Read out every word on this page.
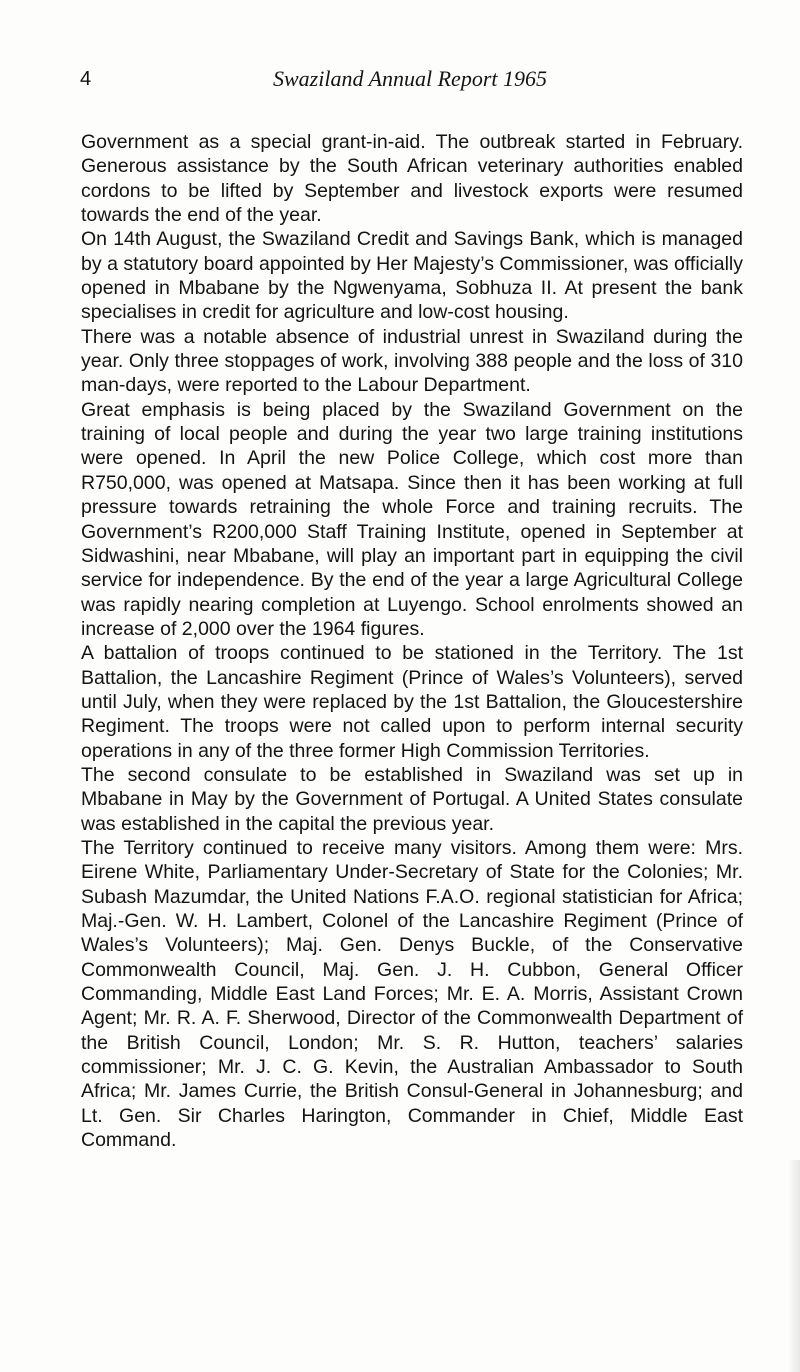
4	Swaziland Annual Report 1965

Government as a special grant-in-aid. The outbreak started in February. Generous assistance by the South African veterinary authorities enabled cordons to be lifted by September and livestock exports were resumed towards the end of the year.

On 14th August, the Swaziland Credit and Savings Bank, which is managed by a statutory board appointed by Her Majesty’s Commissioner, was officially opened in Mbabane by the Ngwenyama, Sobhuza II. At present the bank specialises in credit for agriculture and low-cost housing.

There was a notable absence of industrial unrest in Swaziland during the year. Only three stoppages of work, involving 388 people and the loss of 310 man-days, were reported to the Labour Department.

Great emphasis is being placed by the Swaziland Government on the training of local people and during the year two large training institutions were opened. In April the new Police College, which cost more than R750,000, was opened at Matsapa. Since then it has been working at full pressure towards retraining the whole Force and training recruits. The Government’s R200,000 Staff Training Institute, opened in September at Sidwashini, near Mbabane, will play an important part in equipping the civil service for independence. By the end of the year a large Agricultural College was rapidly nearing completion at Luyengo. School enrolments showed an increase of 2,000 over the 1964 figures.

A battalion of troops continued to be stationed in the Territory. The 1st Battalion, the Lancashire Regiment (Prince of Wales’s Volunteers), served until July, when they were replaced by the 1st Battalion, the Gloucestershire Regiment. The troops were not called upon to perform internal security operations in any of the three former High Commission Territories.

The second consulate to be established in Swaziland was set up in Mbabane in May by the Government of Portugal. A United States consulate was established in the capital the previous year.

The Territory continued to receive many visitors. Among them were: Mrs. Eirene White, Parliamentary Under-Secretary of State for the Colonies; Mr. Subash Mazumdar, the United Nations F.A.O. regional statistician for Africa; Maj.-Gen. W. H. Lambert, Colonel of the Lancashire Regiment (Prince of Wales’s Volunteers); Maj. Gen. Denys Buckle, of the Conservative Commonwealth Council, Maj. Gen. J. H. Cubbon, General Officer Commanding, Middle East Land Forces; Mr. E. A. Morris, Assistant Crown Agent; Mr. R. A. F. Sherwood, Director of the Commonwealth Department of the British Council, London; Mr. S. R. Hutton, teachers’ salaries commissioner; Mr. J. C. G. Kevin, the Australian Ambassador to South Africa; Mr. James Currie, the British Consul-General in Johannesburg; and Lt. Gen. Sir Charles Harington, Commander in Chief, Middle East Command.
